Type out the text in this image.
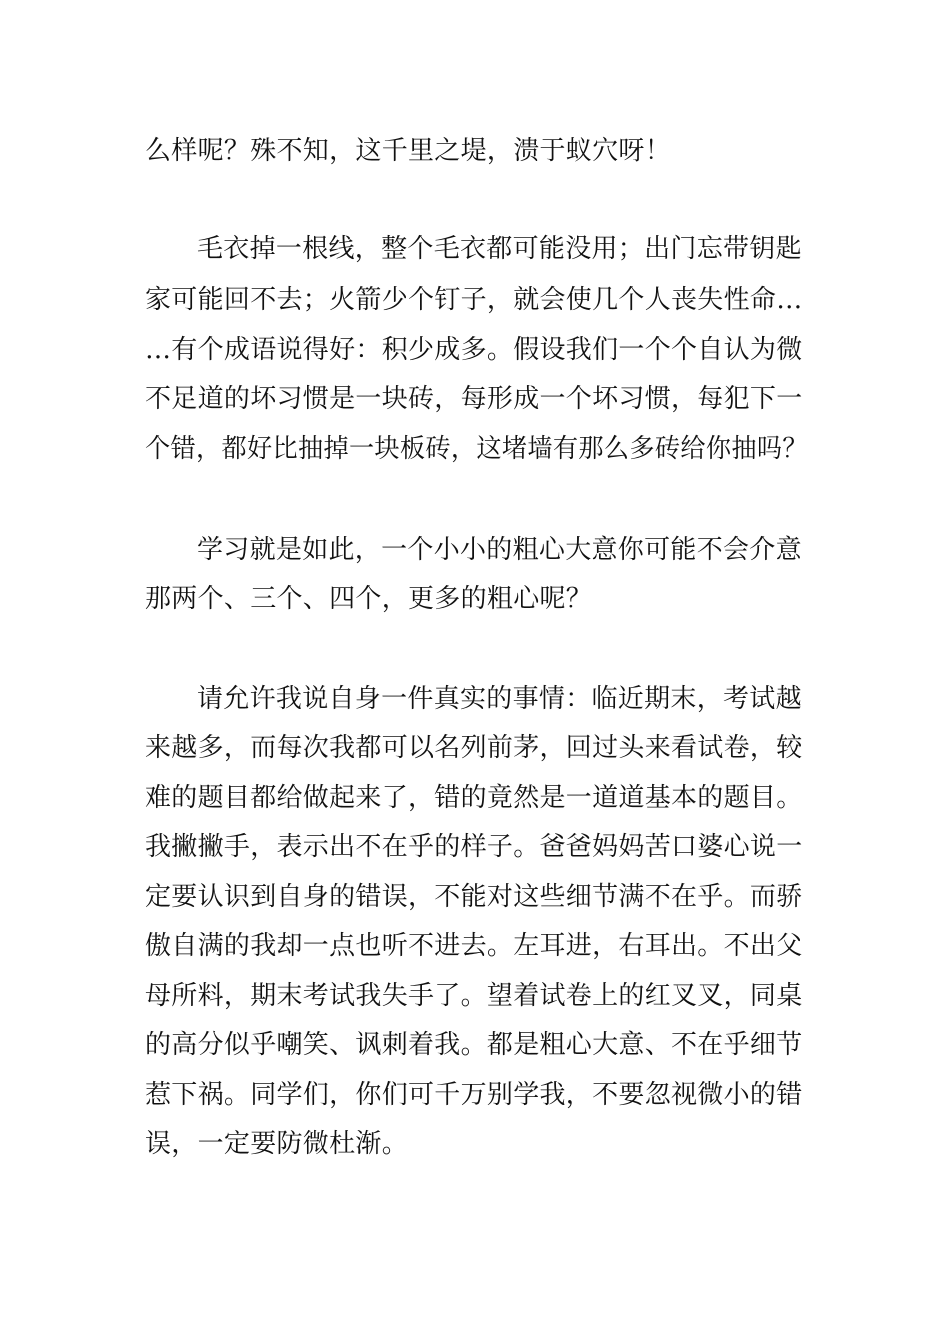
么样呢？殊不知，这千里之堤，溃于蚁穴呀！
毛衣掉一根线，整个毛衣都可能没用；出门忘带钥匙
家可能回不去；火箭少个钉子，就会使几个人丧失性命…
…有个成语说得好：积少成多。假设我们一个个自认为微
不足道的坏习惯是一块砖，每形成一个坏习惯，每犯下一
个错，都好比抽掉一块板砖，这堵墙有那么多砖给你抽吗？
学习就是如此，一个小小的粗心大意你可能不会介意
那两个、三个、四个，更多的粗心呢？
请允许我说自身一件真实的事情：临近期末，考试越
来越多，而每次我都可以名列前茅，回过头来看试卷，较
难的题目都给做起来了，错的竟然是一道道基本的题目。
我撇撇手，表示出不在乎的样子。爸爸妈妈苦口婆心说一
定要认识到自身的错误，不能对这些细节满不在乎。而骄
傲自满的我却一点也听不进去。左耳进，右耳出。不出父
母所料，期末考试我失手了。望着试卷上的红叉叉，同桌
的高分似乎嘲笑、讽刺着我。都是粗心大意、不在乎细节
惹下祸。同学们，你们可千万别学我，不要忽视微小的错
误，一定要防微杜渐。
